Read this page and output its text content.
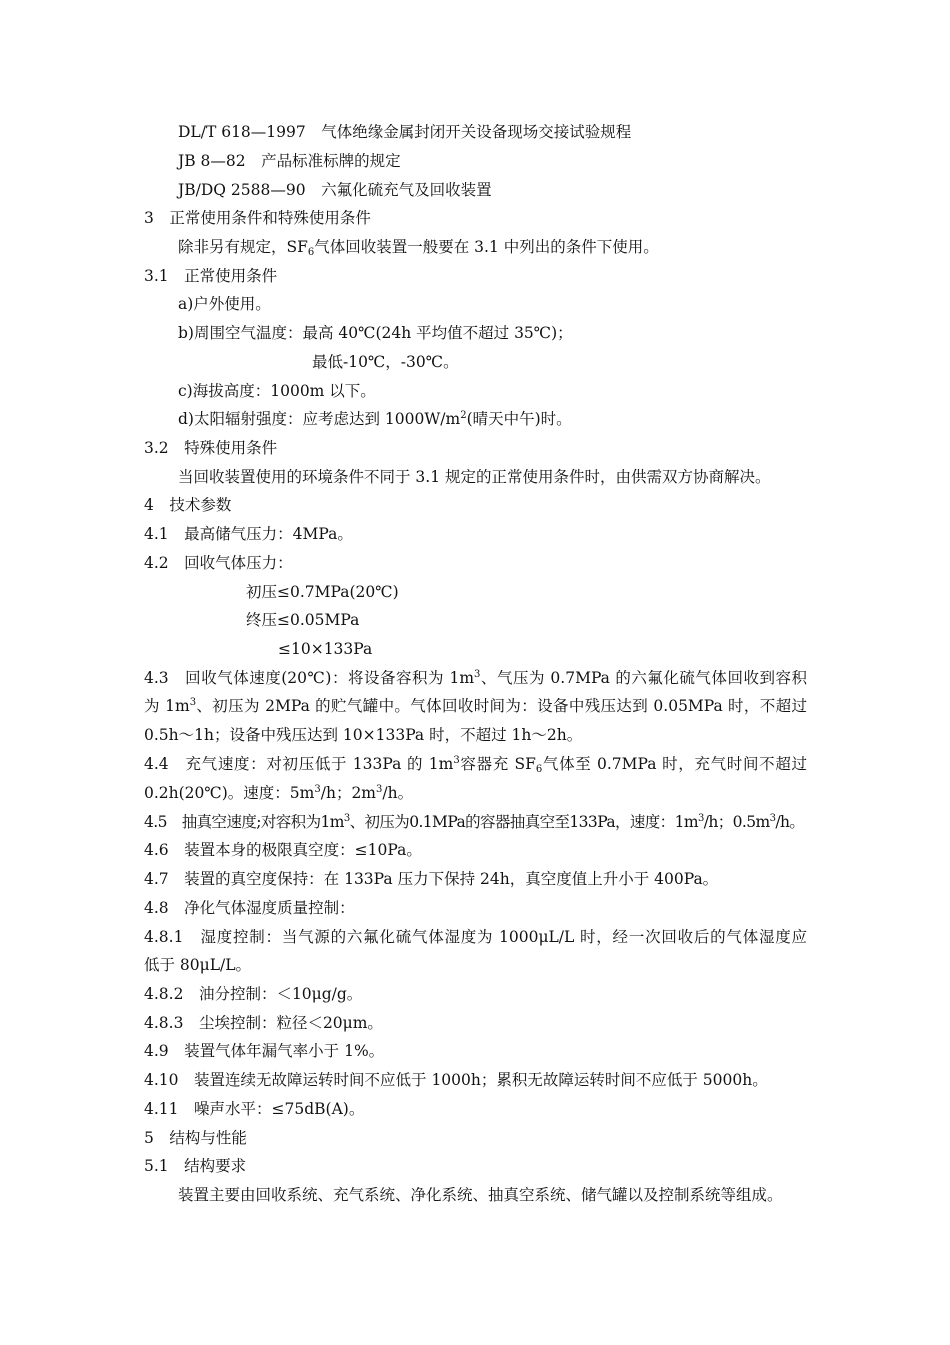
DL/T 618—1997　 气体绝缘金属封闭开关设备现场交接试验规程
JB 8—82　 产品标准标牌的规定
JB/DQ 2588—90　 六氟化硫充气及回收装置
3　正常使用条件和特殊使用条件
除非另有规定，$SF_6$气体回收装置一般要在 3.1 中列出的条件下使用。
3.1　正常使用条件
a)户外使用。
b)周围空气温度：最高 40℃(24h 平均值不超过 35℃)；
最低-10℃，-30℃。
c)海拔高度：1000m 以下。
d)太阳辐射强度：应考虑达到 $1000W/m^2$(晴天中午)时。
3.2　特殊使用条件
当回收装置使用的环境条件不同于 3.1 规定的正常使用条件时，由供需双方协商解决。
4　技术参数
4.1　最高储气压力：4MPa。
4.2　回收气体压力：
初压≤0.7MPa(20℃)
终压≤0.05MPa
≤10×133Pa
4.3　回收气体速度(20℃)：将设备容积为 $1m^3$、气压为 0.7MPa 的六氟化硫气体回收到容积
为 $1m^3$、初压为 2MPa 的贮气罐中。气体回收时间为：设备中残压达到 0.05MPa 时，不超过
0.5h～1h；设备中残压达到 10×133Pa 时，不超过 1h～2h。
4.4　充气速度：对初压低于 133Pa 的 $1m^3$容器充 $SF_6$气体至 0.7MPa 时，充气时间不超过
0.2h(20℃)。速度：$5m^3/h$；$2m^3/h$。
4.5　抽真空速度;对容积为$1m^3$、初压为0.1MPa的容器抽真空至133Pa，速度：$1m^3/h$；$0.5m^3/h$。
4.6　装置本身的极限真空度：≤10Pa。
4.7　装置的真空度保持：在 133Pa 压力下保持 24h，真空度值上升小于 400Pa。
4.8　净化气体湿度质量控制：
4.8.1　湿度控制：当气源的六氟化硫气体湿度为 1000μL/L 时，经一次回收后的气体湿度应
低于 80μL/L。
4.8.2　油分控制：＜10μg/g。
4.8.3　尘埃控制：粒径＜20μm。
4.9　装置气体年漏气率小于 1%。
4.10　装置连续无故障运转时间不应低于 1000h；累积无故障运转时间不应低于 5000h。
4.11　噪声水平：≤75dB(A)。
5　结构与性能
5.1　结构要求
装置主要由回收系统、充气系统、净化系统、抽真空系统、储气罐以及控制系统等组成。
